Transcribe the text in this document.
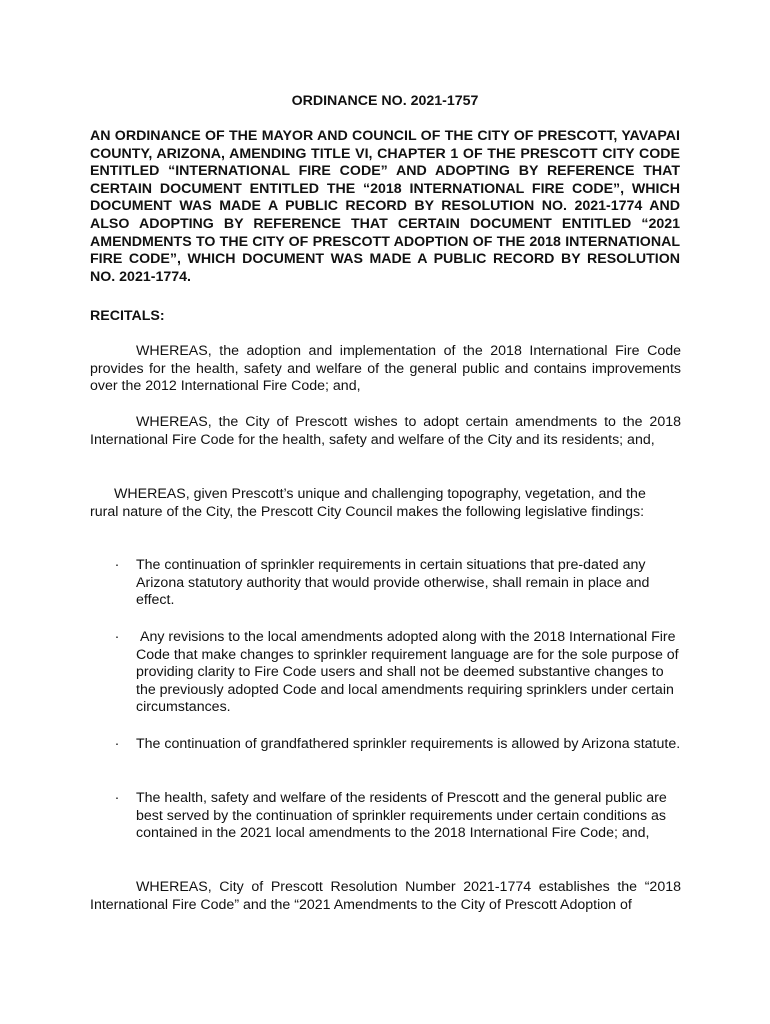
ORDINANCE NO. 2021-1757

AN ORDINANCE OF THE MAYOR AND COUNCIL OF THE CITY OF PRESCOTT, YAVAPAI COUNTY, ARIZONA, AMENDING TITLE VI, CHAPTER 1 OF THE PRESCOTT CITY CODE ENTITLED “INTERNATIONAL FIRE CODE” AND ADOPTING BY REFERENCE THAT CERTAIN DOCUMENT ENTITLED THE “2018 INTERNATIONAL FIRE CODE”, WHICH DOCUMENT WAS MADE A PUBLIC RECORD BY RESOLUTION NO. 2021-1774 AND ALSO ADOPTING BY REFERENCE THAT CERTAIN DOCUMENT ENTITLED “2021 AMENDMENTS TO THE CITY OF PRESCOTT ADOPTION OF THE 2018 INTERNATIONAL FIRE CODE”, WHICH DOCUMENT WAS MADE A PUBLIC RECORD BY RESOLUTION NO. 2021-1774.

RECITALS:

WHEREAS, the adoption and implementation of the 2018 International Fire Code provides for the health, safety and welfare of the general public and contains improvements over the 2012 International Fire Code; and,

WHEREAS, the City of Prescott wishes to adopt certain amendments to the 2018 International Fire Code for the health, safety and welfare of the City and its residents; and,

WHEREAS, given Prescott’s unique and challenging topography, vegetation, and the rural nature of the City, the Prescott City Council makes the following legislative findings:

· The continuation of sprinkler requirements in certain situations that pre-dated any Arizona statutory authority that would provide otherwise, shall remain in place and effect.
· Any revisions to the local amendments adopted along with the 2018 International Fire Code that make changes to sprinkler requirement language are for the sole purpose of providing clarity to Fire Code users and shall not be deemed substantive changes to the previously adopted Code and local amendments requiring sprinklers under certain circumstances.
· The continuation of grandfathered sprinkler requirements is allowed by Arizona statute.
· The health, safety and welfare of the residents of Prescott and the general public are best served by the continuation of sprinkler requirements under certain conditions as contained in the 2021 local amendments to the 2018 International Fire Code; and,

WHEREAS, City of Prescott Resolution Number 2021-1774 establishes the “2018 International Fire Code” and the “2021 Amendments to the City of Prescott Adoption of
